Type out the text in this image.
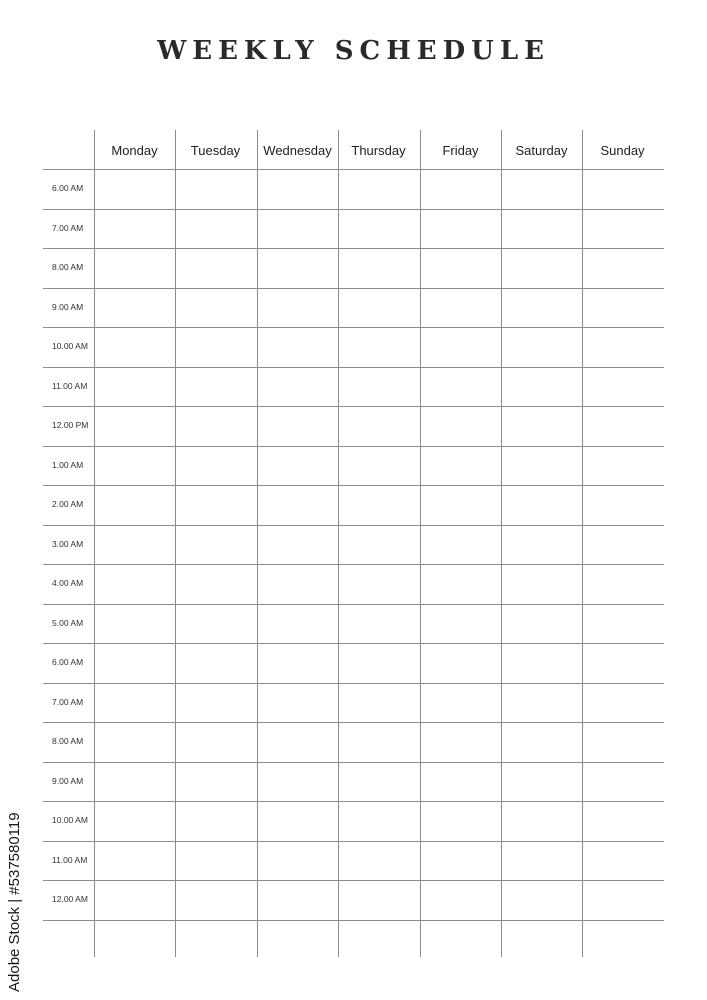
WEEKLY SCHEDULE
Monday	Tuesday	Wednesday	Thursday	Friday	Saturday	Sunday
6.00 AM
7.00 AM
8.00 AM
9.00 AM
10.00 AM
11.00 AM
12.00 PM
1.00 AM
2.00 AM
3.00 AM
4.00 AM
5.00 AM
6.00 AM
7.00 AM
8.00 AM
9.00 AM
10.00 AM
11.00 AM
12.00 AM
Adobe Stock | #537580119
